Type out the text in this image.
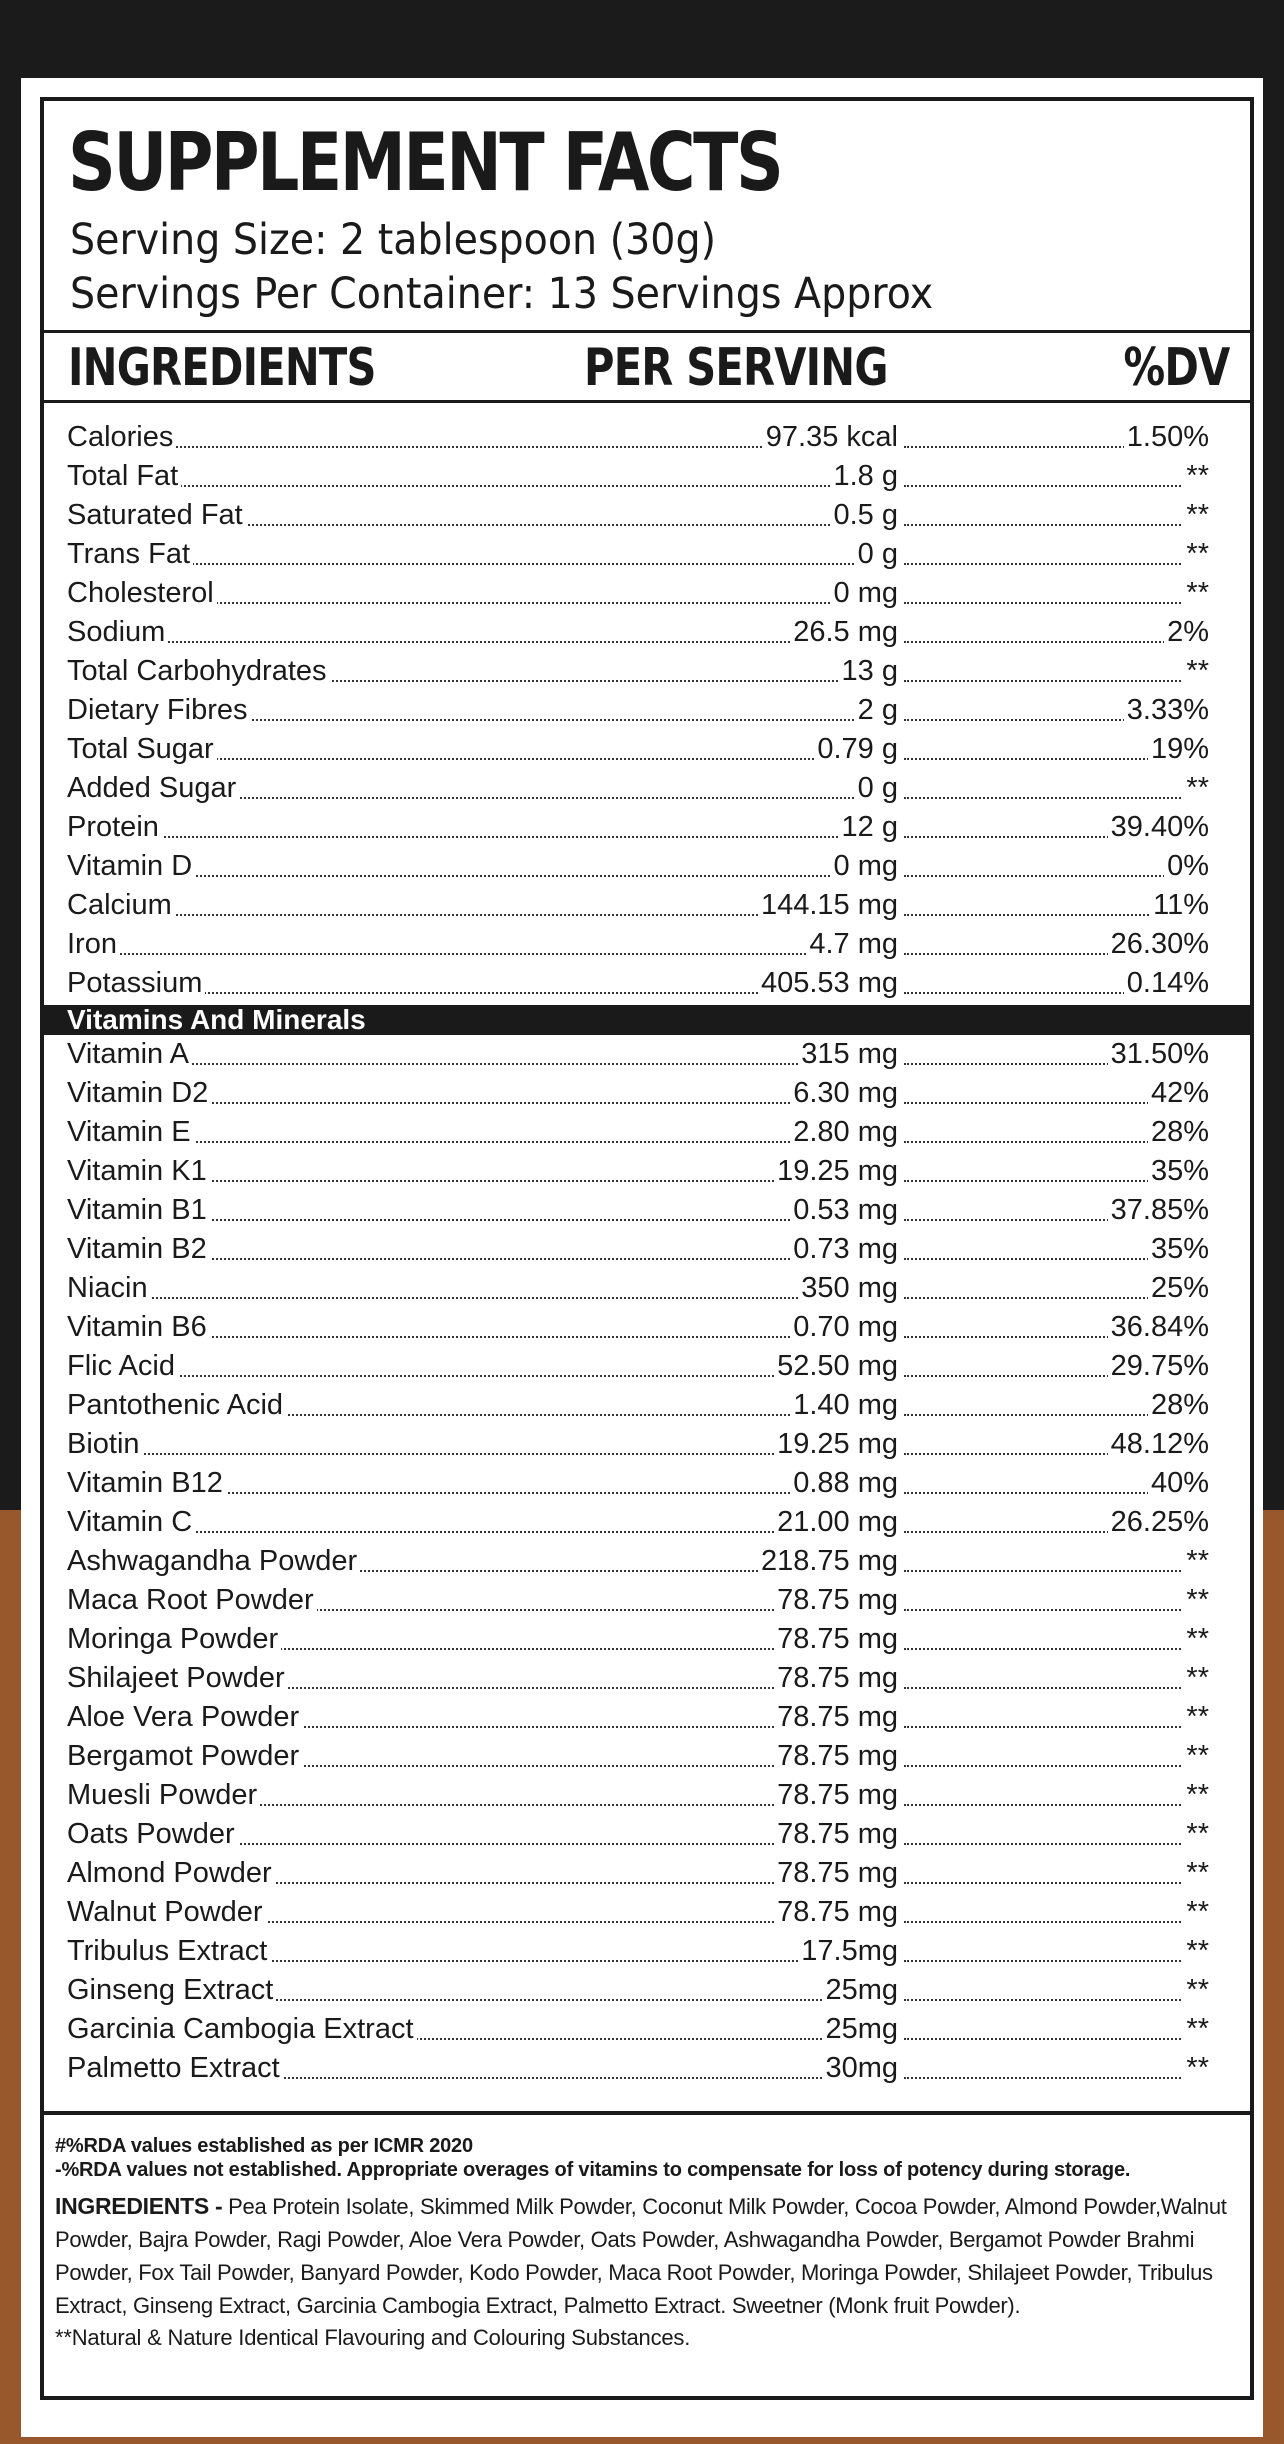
SUPPLEMENT FACTS
Serving Size: 2 tablespoon (30g)
Servings Per Container: 13 Servings Approx
INGREDIENTS	PER SERVING	%DV
Calories	97.35 kcal	1.50%
Total Fat	1.8 g	**
Saturated Fat	0.5 g	**
Trans Fat	0 g	**
Cholesterol	0 mg	**
Sodium	26.5 mg	2%
Total Carbohydrates	13 g	**
Dietary Fibres	2 g	3.33%
Total Sugar	0.79 g	19%
Added Sugar	0 g	**
Protein	12 g	39.40%
Vitamin D	0 mg	0%
Calcium	144.15 mg	11%
Iron	4.7 mg	26.30%
Potassium	405.53 mg	0.14%
Vitamins And Minerals
Vitamin A	315 mg	31.50%
Vitamin D2	6.30 mg	42%
Vitamin E	2.80 mg	28%
Vitamin K1	19.25 mg	35%
Vitamin B1	0.53 mg	37.85%
Vitamin B2	0.73 mg	35%
Niacin	350 mg	25%
Vitamin B6	0.70 mg	36.84%
Flic Acid	52.50 mg	29.75%
Pantothenic Acid	1.40 mg	28%
Biotin	19.25 mg	48.12%
Vitamin B12	0.88 mg	40%
Vitamin C	21.00 mg	26.25%
Ashwagandha Powder	218.75 mg	**
Maca Root Powder	78.75 mg	**
Moringa Powder	78.75 mg	**
Shilajeet Powder	78.75 mg	**
Aloe Vera Powder	78.75 mg	**
Bergamot Powder	78.75 mg	**
Muesli Powder	78.75 mg	**
Oats Powder	78.75 mg	**
Almond Powder	78.75 mg	**
Walnut Powder	78.75 mg	**
Tribulus Extract	17.5mg	**
Ginseng Extract	25mg	**
Garcinia Cambogia Extract	25mg	**
Palmetto Extract	30mg	**
#%RDA values established as per ICMR 2020
-%RDA values not established. Appropriate overages of vitamins to compensate for loss of potency during storage.
INGREDIENTS - Pea Protein Isolate, Skimmed Milk Powder, Coconut Milk Powder, Cocoa Powder, Almond Powder,Walnut Powder, Bajra Powder, Ragi Powder, Aloe Vera Powder, Oats Powder, Ashwagandha Powder, Bergamot Powder Brahmi Powder, Fox Tail Powder, Banyard Powder, Kodo Powder, Maca Root Powder, Moringa Powder, Shilajeet Powder, Tribulus Extract, Ginseng Extract, Garcinia Cambogia Extract, Palmetto Extract. Sweetner (Monk fruit Powder).
**Natural & Nature Identical Flavouring and Colouring Substances.
